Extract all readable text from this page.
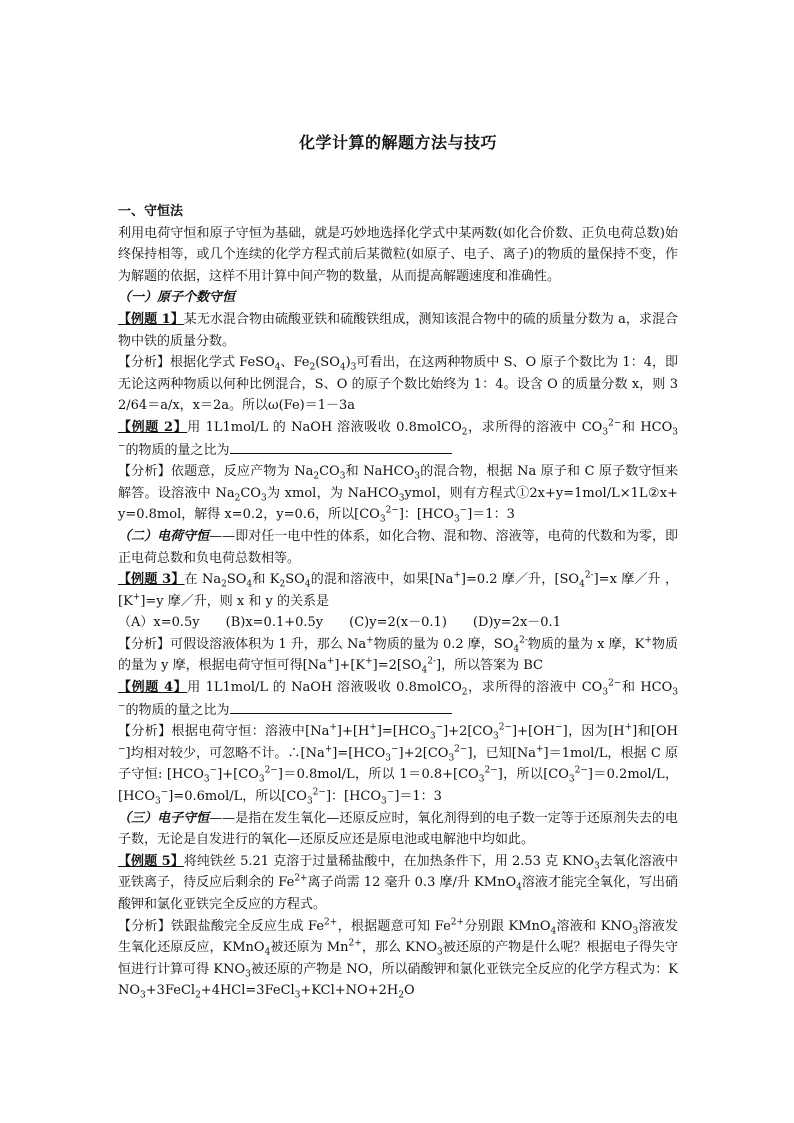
化学计算的解题方法与技巧

一、守恒法

利用电荷守恒和原子守恒为基础，就是巧妙地选择化学式中某两数(如化合价数、正负电荷总数)始终保持相等，或几个连续的化学方程式前后某微粒(如原子、电子、离子)的物质的量保持不变，作为解题的依据，这样不用计算中间产物的数量，从而提高解题速度和准确性。

（一）原子个数守恒

【例题 1】某无水混合物由硫酸亚铁和硫酸铁组成，测知该混合物中的硫的质量分数为 a，求混合物中铁的质量分数。

【分析】根据化学式 FeSO$_4$、$Fe_2(SO_4)_3$可看出，在这两种物质中 S、O 原子个数比为 1：4，即无论这两种物质以何种比例混合，S、O 的原子个数比始终为 1：4。设含 O 的质量分数 x，则 32/64＝a/x，x＝2a。所以ω(Fe)＝1－3a

【例题 2】用 1L1mol/L 的 NaOH 溶液吸收 0.8molCO$_2$，求所得的溶液中 $CO_3^{2-}$和 $HCO_3^-$的物质的量之比为

【分析】依题意，反应产物为 $Na_2CO_3$和 NaHCO$_3$的混合物，根据 Na 原子和 C 原子数守恒来解答。设溶液中 $Na_2CO_3$为 xmol，为 NaHCO$_3$ymol，则有方程式①2x+y=1mol/L×1L②x+y=0.8mol，解得 x=0.2，y=0.6，所以$[CO_3^{2-}]$：$[HCO_3^-]=1$：3

（二）电荷守恒——即对任一电中性的体系，如化合物、混和物、溶液等，电荷的代数和为零，即正电荷总数和负电荷总数相等。

【例题 3】在 $Na_2SO_4$和 $K_2SO_4$的混和溶液中，如果[Na+]=0.2 摩／升，$[SO_4^{2-}]=x$ 摩／升 ，[K+]=y 摩／升，则 x 和 y 的关系是

（A）x=0.5y　　(B)x=0.1+0.5y　　(C)y=2(x－0.1)　　(D)y=2x－0.1

【分析】可假设溶液体积为 1 升，那么 Na+物质的量为 0.2 摩，$SO_4^{2-}$物质的量为 x 摩，K+物质的量为 y 摩，根据电荷守恒可得$[Na^+]+[K^+]=2[SO_4^{2-}]$，所以答案为 BC

【例题 4】用 1L1mol/L 的 NaOH 溶液吸收 0.8molCO$_2$，求所得的溶液中 $CO_3^{2-}$和 $HCO_3^-$的物质的量之比为

【分析】根据电荷守恒：溶液中$[Na^+]+[H^+]=[HCO_3^-]+2[CO_3^{2-}]+[OH^-]$，因为[H+]和[OH−]均相对较少，可忽略不计。$\therefore[Na^+]=[HCO_3^-]+2[CO_3^{2-}]$，已知[Na+]＝1mol/L，根据 C 原子守恒: $[HCO_3^-]+[CO_3^{2-}]=0.8mol/L$，所以 $1=0.8+[CO_3^{2-}]$，所以$[CO_3^{2-}]=0.2mol/L$，$[HCO_3^-]=0.6mol/L$，所以$[CO_3^{2-}]$：$[HCO_3^-]=1$：3

（三）电子守恒——是指在发生氧化—还原反应时，氧化剂得到的电子数一定等于还原剂失去的电子数，无论是自发进行的氧化—还原反应还是原电池或电解池中均如此。

【例题 5】将纯铁丝 5.21 克溶于过量稀盐酸中，在加热条件下，用 2.53 克 $KNO_3$去氧化溶液中亚铁离子，待反应后剩余的 $Fe^{2+}$离子尚需 12 毫升 0.3 摩/升 KMnO$_4$溶液才能完全氧化，写出硝酸钾和氯化亚铁完全反应的方程式。

【分析】铁跟盐酸完全反应生成 $Fe^{2+}$，根据题意可知 $Fe^{2+}$分别跟 KMnO$_4$溶液和 $KNO_3$溶液发生氧化还原反应，KMnO$_4$被还原为 $Mn^{2+}$，那么 $KNO_3$被还原的产物是什么呢？根据电子得失守恒进行计算可得 $KNO_3$被还原的产物是 NO，所以硝酸钾和氯化亚铁完全反应的化学方程式为：$KNO_3+3FeCl_2+4HCl=3FeCl_3+KCl+NO+2H_2O$
